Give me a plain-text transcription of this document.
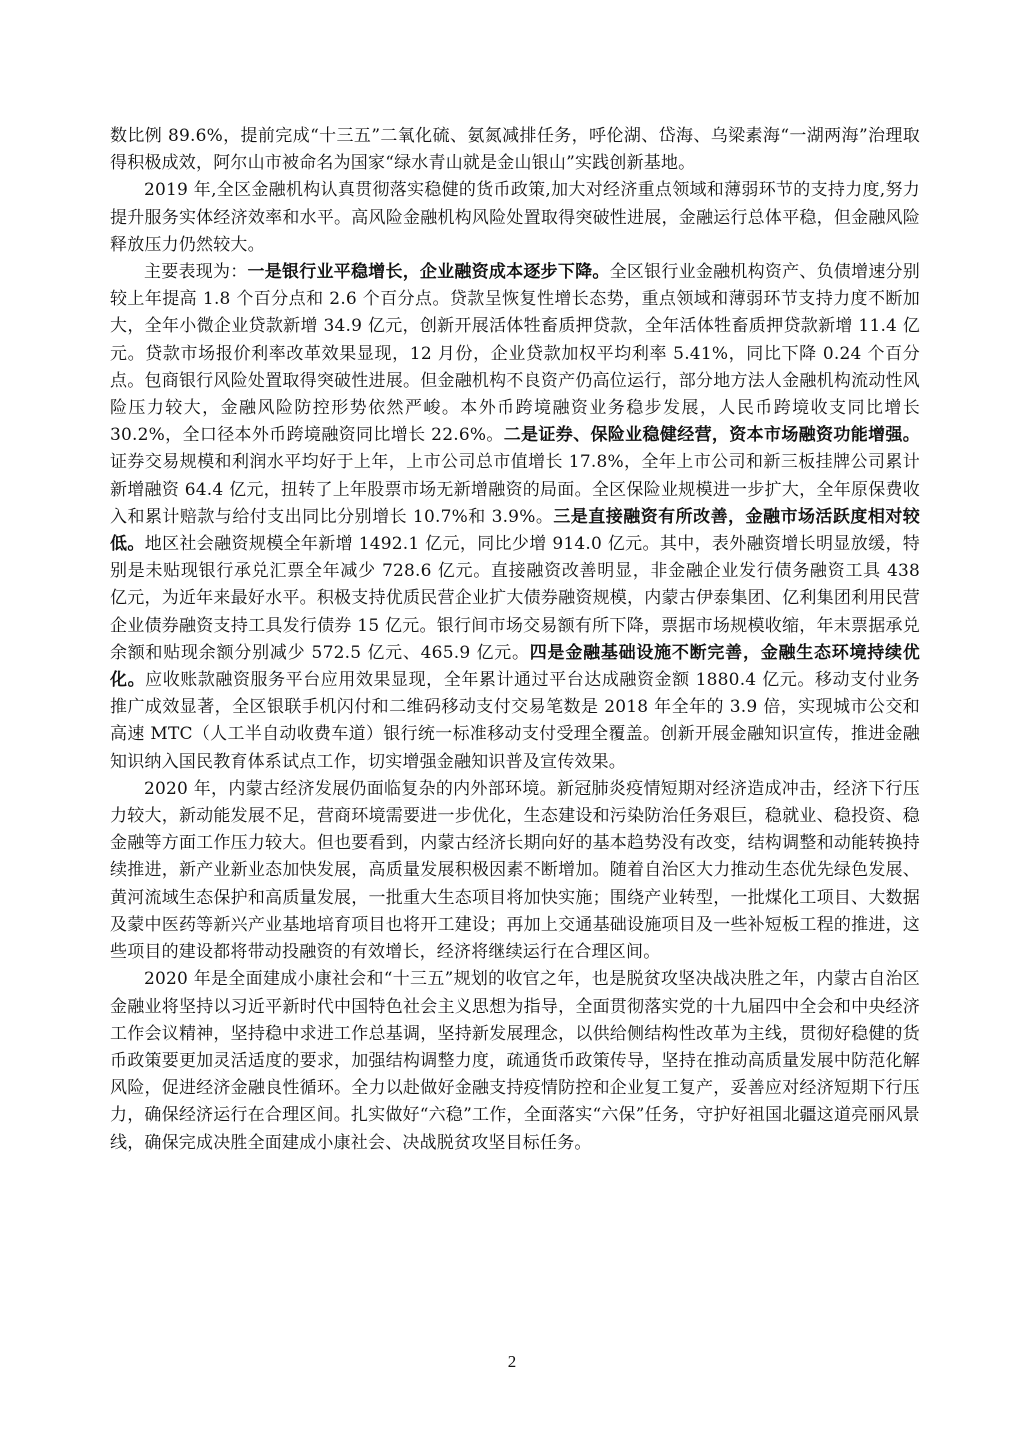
数比例 89.6%，提前完成“十三五”二氧化硫、氨氮减排任务，呼伦湖、岱海、乌梁素海“一湖两海”治理取得积极成效，阿尔山市被命名为国家“绿水青山就是金山银山”实践创新基地。

2019 年,全区金融机构认真贯彻落实稳健的货币政策,加大对经济重点领域和薄弱环节的支持力度,努力提升服务实体经济效率和水平。高风险金融机构风险处置取得突破性进展，金融运行总体平稳，但金融风险释放压力仍然较大。

主要表现为：一是银行业平稳增长，企业融资成本逐步下降。全区银行业金融机构资产、负债增速分别较上年提高 1.8 个百分点和 2.6 个百分点。贷款呈恢复性增长态势，重点领域和薄弱环节支持力度不断加大，全年小微企业贷款新增 34.9 亿元，创新开展活体牲畜质押贷款，全年活体牲畜质押贷款新增 11.4 亿元。贷款市场报价利率改革效果显现，12 月份，企业贷款加权平均利率 5.41%，同比下降 0.24 个百分点。包商银行风险处置取得突破性进展。但金融机构不良资产仍高位运行，部分地方法人金融机构流动性风险压力较大，金融风险防控形势依然严峻。本外币跨境融资业务稳步发展，人民币跨境收支同比增长 30.2%，全口径本外币跨境融资同比增长 22.6%。二是证券、保险业稳健经营，资本市场融资功能增强。证券交易规模和利润水平均好于上年，上市公司总市值增长 17.8%，全年上市公司和新三板挂牌公司累计新增融资 64.4 亿元，扭转了上年股票市场无新增融资的局面。全区保险业规模进一步扩大，全年原保费收入和累计赔款与给付支出同比分别增长 10.7%和 3.9%。三是直接融资有所改善，金融市场活跃度相对较低。地区社会融资规模全年新增 1492.1 亿元，同比少增 914.0 亿元。其中，表外融资增长明显放缓，特别是未贴现银行承兑汇票全年减少 728.6 亿元。直接融资改善明显，非金融企业发行债务融资工具 438 亿元，为近年来最好水平。积极支持优质民营企业扩大债券融资规模，内蒙古伊泰集团、亿利集团利用民营企业债券融资支持工具发行债券 15 亿元。银行间市场交易额有所下降，票据市场规模收缩，年末票据承兑余额和贴现余额分别减少 572.5 亿元、465.9 亿元。四是金融基础设施不断完善，金融生态环境持续优化。应收账款融资服务平台应用效果显现，全年累计通过平台达成融资金额 1880.4 亿元。移动支付业务推广成效显著，全区银联手机闪付和二维码移动支付交易笔数是 2018 年全年的 3.9 倍，实现城市公交和高速 MTC（人工半自动收费车道）银行统一标准移动支付受理全覆盖。创新开展金融知识宣传，推进金融知识纳入国民教育体系试点工作，切实增强金融知识普及宣传效果。

2020 年，内蒙古经济发展仍面临复杂的内外部环境。新冠肺炎疫情短期对经济造成冲击，经济下行压力较大，新动能发展不足，营商环境需要进一步优化，生态建设和污染防治任务艰巨，稳就业、稳投资、稳金融等方面工作压力较大。但也要看到，内蒙古经济长期向好的基本趋势没有改变，结构调整和动能转换持续推进，新产业新业态加快发展，高质量发展积极因素不断增加。随着自治区大力推动生态优先绿色发展、黄河流域生态保护和高质量发展，一批重大生态项目将加快实施；围绕产业转型，一批煤化工项目、大数据及蒙中医药等新兴产业基地培育项目也将开工建设；再加上交通基础设施项目及一些补短板工程的推进，这些项目的建设都将带动投融资的有效增长，经济将继续运行在合理区间。

2020 年是全面建成小康社会和“十三五”规划的收官之年，也是脱贫攻坚决战决胜之年，内蒙古自治区金融业将坚持以习近平新时代中国特色社会主义思想为指导，全面贯彻落实党的十九届四中全会和中央经济工作会议精神，坚持稳中求进工作总基调，坚持新发展理念，以供给侧结构性改革为主线，贯彻好稳健的货币政策要更加灵活适度的要求，加强结构调整力度，疏通货币政策传导，坚持在推动高质量发展中防范化解风险，促进经济金融良性循环。全力以赴做好金融支持疫情防控和企业复工复产，妥善应对经济短期下行压力，确保经济运行在合理区间。扎实做好“六稳”工作，全面落实“六保”任务，守护好祖国北疆这道亮丽风景线，确保完成决胜全面建成小康社会、决战脱贫攻坚目标任务。

2
